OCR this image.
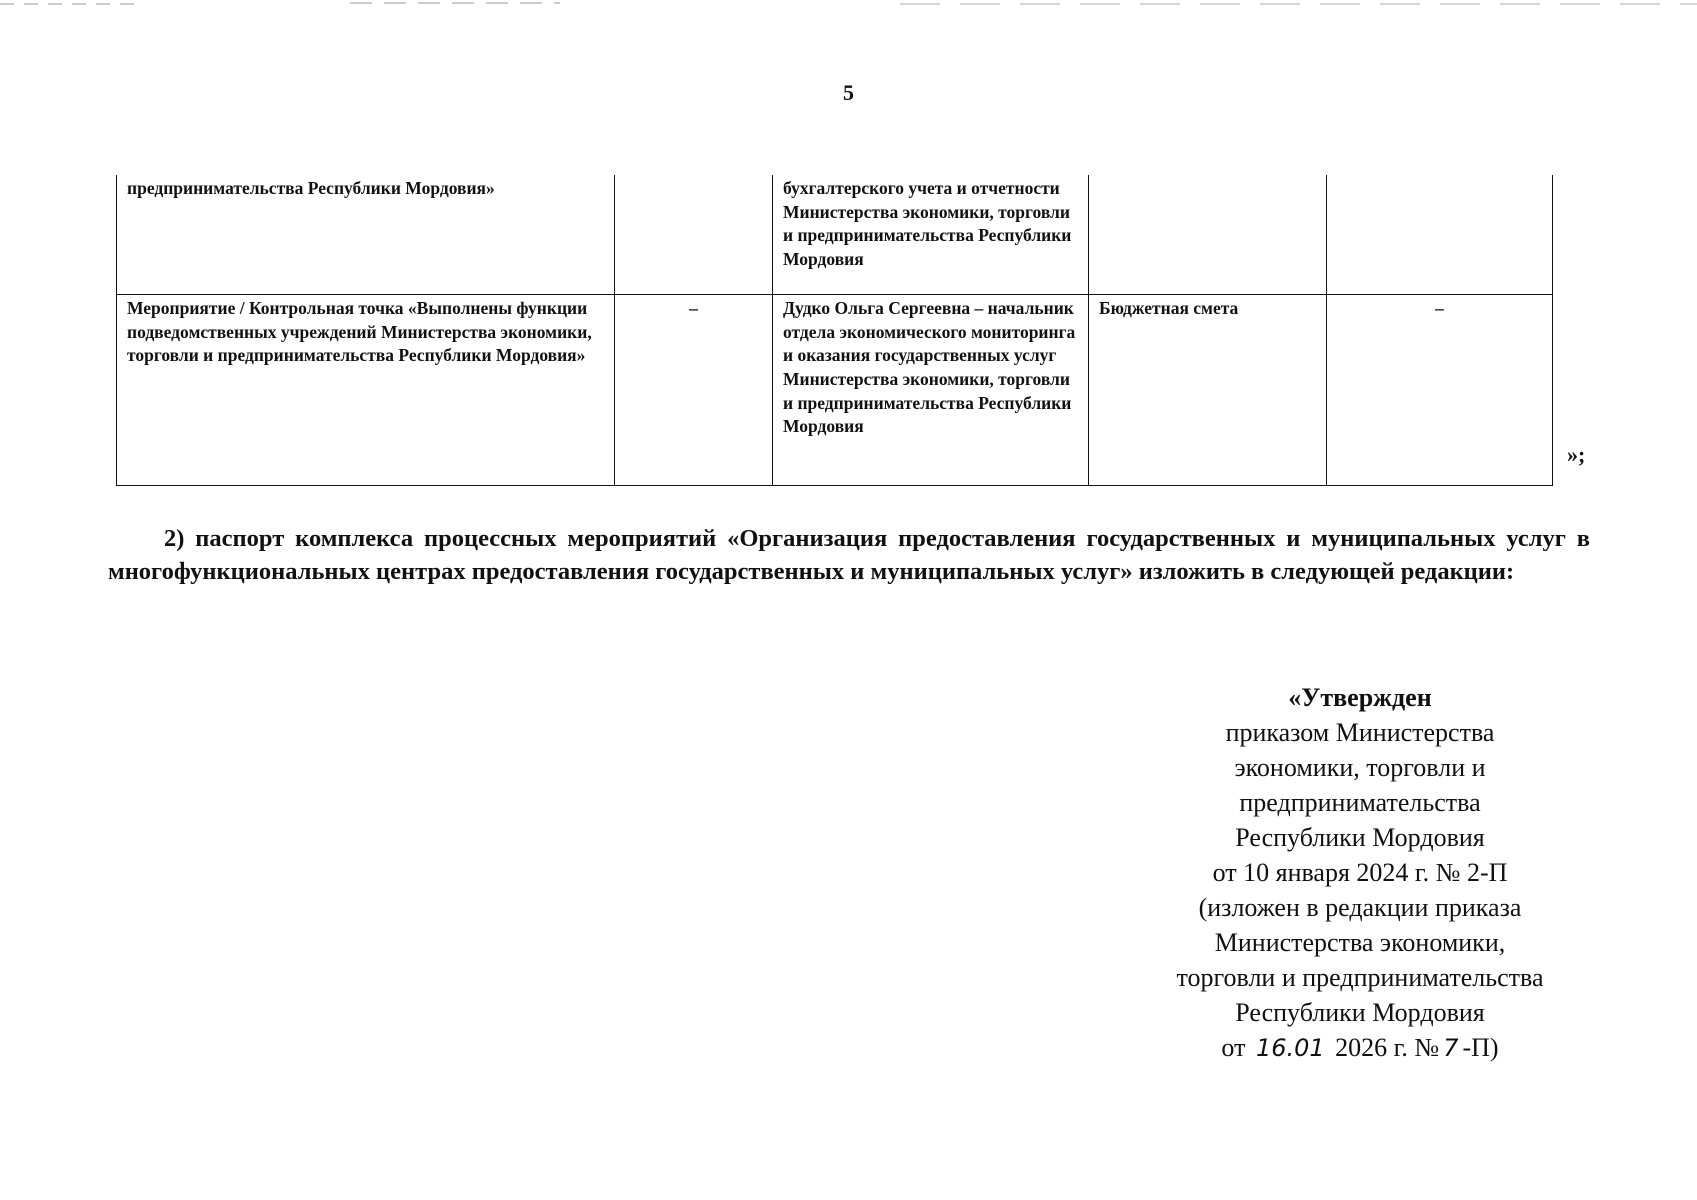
5
предпринимательства Республики Мордовия»		бухгалтерского учета и отчетности Министерства экономики, торговли и предпринимательства Республики Мордовия		
Мероприятие / Контрольная точка «Выполнены функции подведомственных учреждений Министерства экономики, торговли и предпринимательства Республики Мордовия»	–	Дудко Ольга Сергеевна – начальник отдела экономического мониторинга и оказания государственных услуг Министерства экономики, торговли и предпринимательства Республики Мордовия	Бюджетная смета	–
»;

2) паспорт комплекса процессных мероприятий «Организация предоставления государственных и муниципальных услуг в многофункциональных центрах предоставления государственных и муниципальных услуг» изложить в следующей редакции:

«Утвержден
приказом Министерства
экономики, торговли и
предпринимательства
Республики Мордовия
от 10 января 2024 г. № 2-П
(изложен в редакции приказа
Министерства экономики,
торговли и предпринимательства
Республики Мордовия
от 16.01 2026 г. № 7 -П)
